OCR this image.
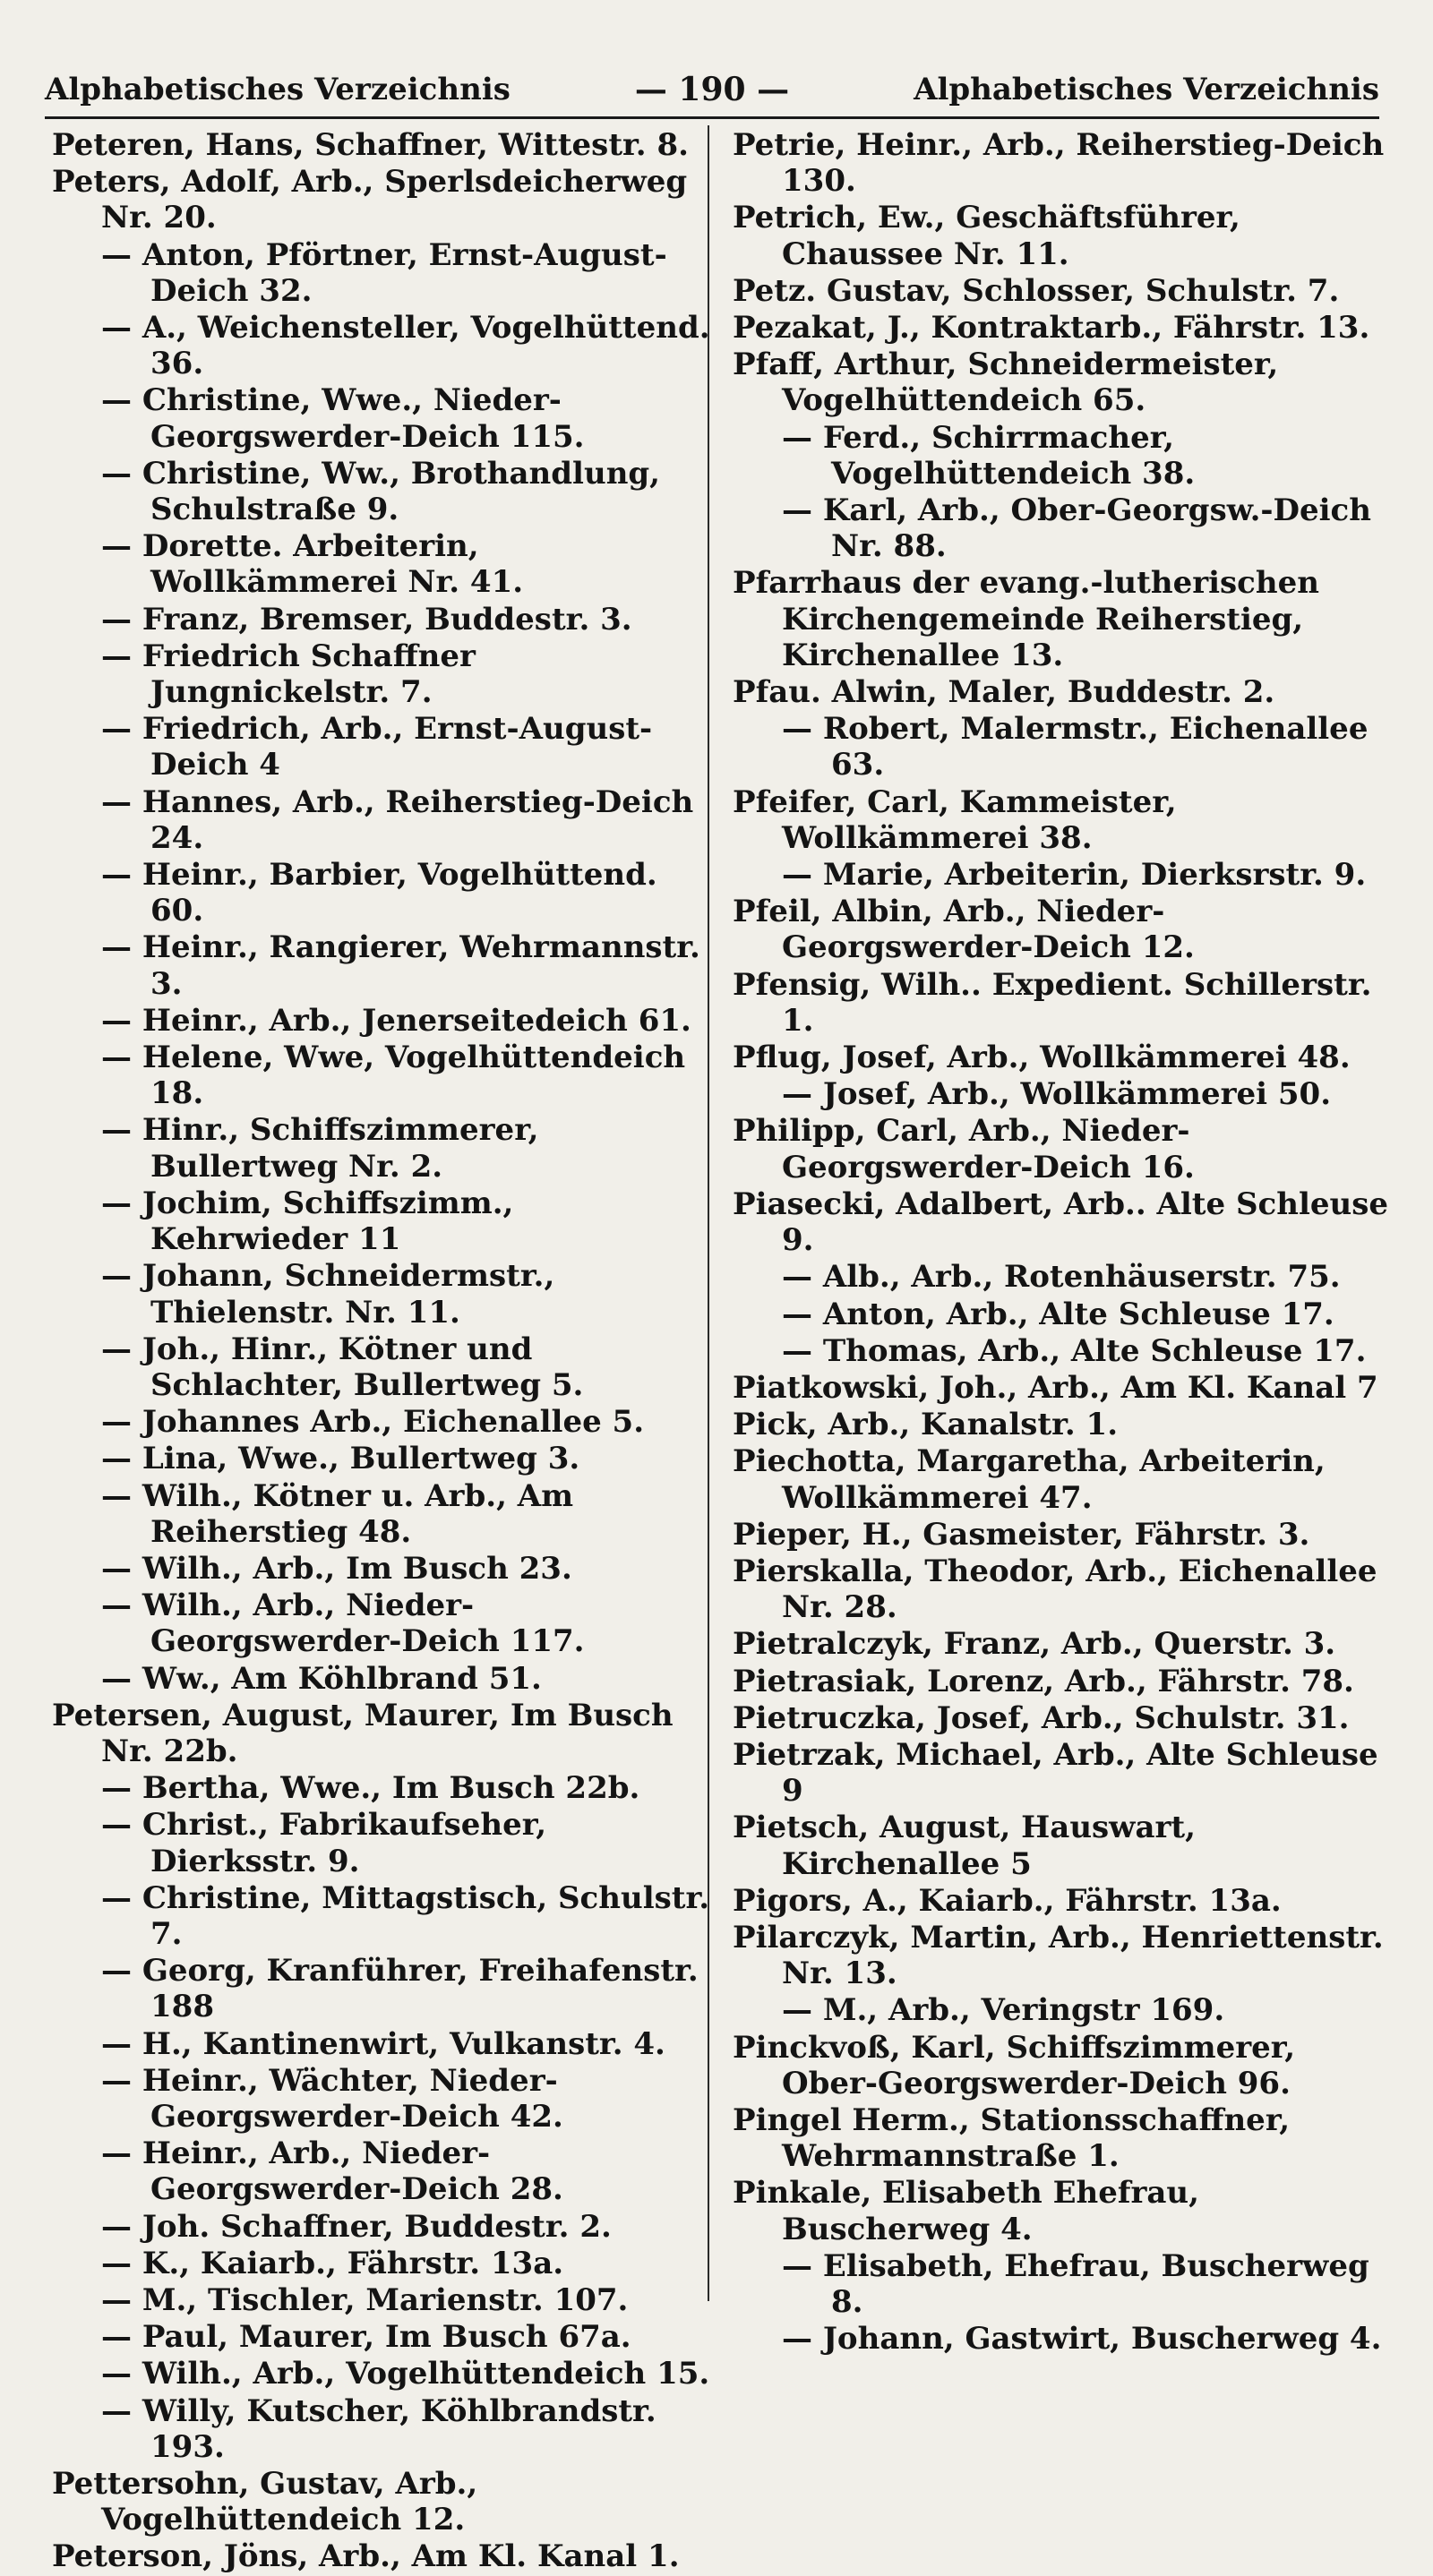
Alphabetisches Verzeichnis	— 190 —	Alphabetisches Verzeichnis
Peteren, Hans, Schaffner, Wittestr. 8.
Peters, Adolf, Arb., Sperlsdeicherweg Nr. 20.
— Anton, Pförtner, Ernst-August-Deich 32.
— A., Weichensteller, Vogelhüttend. 36.
— Christine, Wwe., Nieder-Georgswerder-Deich 115.
— Christine, Ww., Brothandlung, Schulstraße 9.
— Dorette. Arbeiterin, Wollkämmerei Nr. 41.
— Franz, Bremser, Buddestr. 3.
— Friedrich Schaffner Jungnickelstr. 7.
— Friedrich, Arb., Ernst-August-Deich 4
— Hannes, Arb., Reiherstieg-Deich 24.
— Heinr., Barbier, Vogelhüttend. 60.
— Heinr., Rangierer, Wehrmannstr. 3.
— Heinr., Arb., Jenerseitedeich 61.
— Helene, Wwe, Vogelhüttendeich 18.
— Hinr., Schiffszimmerer, Bullertweg Nr. 2.
— Jochim, Schiffszimm., Kehrwieder 11
— Johann, Schneidermstr., Thielenstr. Nr. 11.
— Joh., Hinr., Kötner und Schlachter, Bullertweg 5.
— Johannes Arb., Eichenallee 5.
— Lina, Wwe., Bullertweg 3.
— Wilh., Kötner u. Arb., Am Reiherstieg 48.
— Wilh., Arb., Im Busch 23.
— Wilh., Arb., Nieder-Georgswerder-Deich 117.
— Ww., Am Köhlbrand 51.
Petersen, August, Maurer, Im Busch Nr. 22b.
— Bertha, Wwe., Im Busch 22b.
— Christ., Fabrikaufseher, Dierksstr. 9.
— Christine, Mittagstisch, Schulstr. 7.
— Georg, Kranführer, Freihafenstr. 188
— H., Kantinenwirt, Vulkanstr. 4.
— Heinr., Wächter, Nieder-Georgswerder-Deich 42.
— Heinr., Arb., Nieder-Georgswerder-Deich 28.
— Joh. Schaffner, Buddestr. 2.
— K., Kaiarb., Fährstr. 13a.
— M., Tischler, Marienstr. 107.
— Paul, Maurer, Im Busch 67a.
— Wilh., Arb., Vogelhüttendeich 15.
— Willy, Kutscher, Köhlbrandstr. 193.
Pettersohn, Gustav, Arb., Vogelhüttendeich 12.
Peterson, Jöns, Arb., Am Kl. Kanal 1.
Petrie, Heinr., Arb., Reiherstieg-Deich 130.
Petrich, Ew., Geschäftsführer, Chaussee Nr. 11.
Petz. Gustav, Schlosser, Schulstr. 7.
Pezakat, J., Kontraktarb., Fährstr. 13.
Pfaff, Arthur, Schneidermeister, Vogelhüttendeich 65.
— Ferd., Schirrmacher, Vogelhüttendeich 38.
— Karl, Arb., Ober-Georgsw.-Deich Nr. 88.
Pfarrhaus der evang.-lutherischen Kirchengemeinde Reiherstieg, Kirchenallee 13.
Pfau. Alwin, Maler, Buddestr. 2.
— Robert, Malermstr., Eichenallee 63.
Pfeifer, Carl, Kammeister, Wollkämmerei 38.
— Marie, Arbeiterin, Dierksrstr. 9.
Pfeil, Albin, Arb., Nieder-Georgswerder-Deich 12.
Pfensig, Wilh.. Expedient. Schillerstr. 1.
Pflug, Josef, Arb., Wollkämmerei 48.
— Josef, Arb., Wollkämmerei 50.
Philipp, Carl, Arb., Nieder-Georgswerder-Deich 16.
Piasecki, Adalbert, Arb.. Alte Schleuse 9.
— Alb., Arb., Rotenhäuserstr. 75.
— Anton, Arb., Alte Schleuse 17.
— Thomas, Arb., Alte Schleuse 17.
Piatkowski, Joh., Arb., Am Kl. Kanal 7
Pick, Arb., Kanalstr. 1.
Piechotta, Margaretha, Arbeiterin, Wollkämmerei 47.
Pieper, H., Gasmeister, Fährstr. 3.
Pierskalla, Theodor, Arb., Eichenallee Nr. 28.
Pietralczyk, Franz, Arb., Querstr. 3.
Pietrasiak, Lorenz, Arb., Fährstr. 78.
Pietruczka, Josef, Arb., Schulstr. 31.
Pietrzak, Michael, Arb., Alte Schleuse 9
Pietsch, August, Hauswart, Kirchenallee 5
Pigors, A., Kaiarb., Fährstr. 13a.
Pilarczyk, Martin, Arb., Henriettenstr. Nr. 13.
— M., Arb., Veringstr 169.
Pinckvoß, Karl, Schiffszimmerer, Ober-Georgswerder-Deich 96.
Pingel Herm., Stationsschaffner, Wehrmannstraße 1.
Pinkale, Elisabeth Ehefrau, Buscherweg 4.
— Elisabeth, Ehefrau, Buscherweg 8.
— Johann, Gastwirt, Buscherweg 4.
